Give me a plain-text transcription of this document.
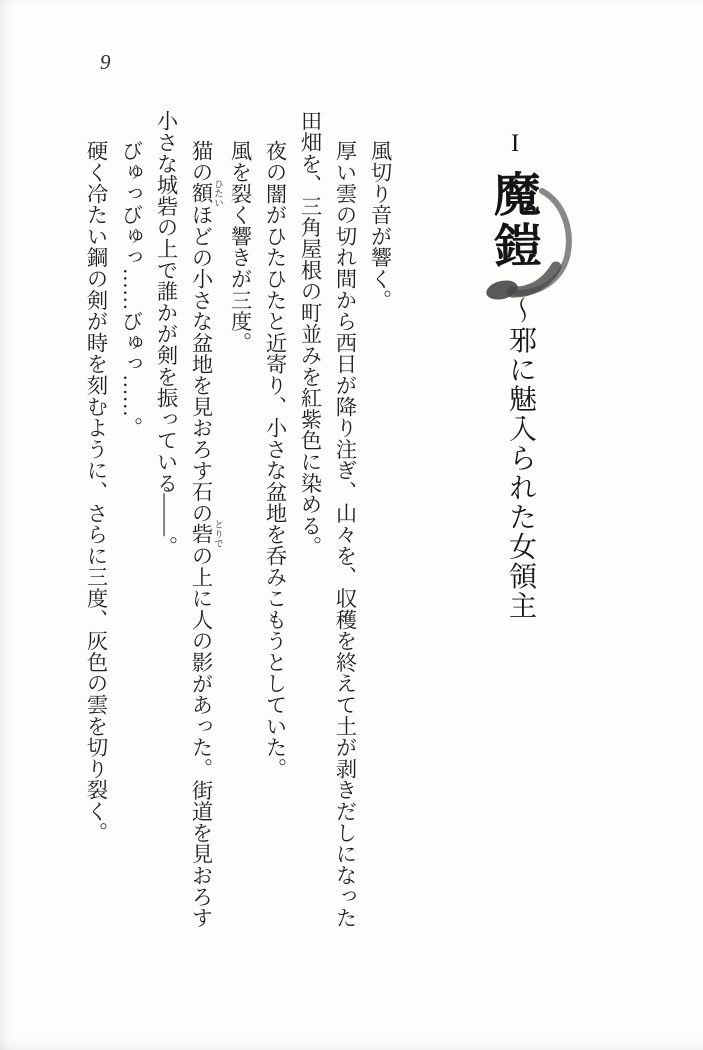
9
I
魔鎧
～邪に魅入られた女領主

風切り音が響く。

厚い雲の切れ間から西日が降り注ぎ、山々を、収穫を終えて土が剥きだしになった田畑を、三角屋根の町並みを紅紫色に染める。

夜の闇がひたひたと近寄り、小さな盆地を呑みこもうとしていた。

風を裂く響きが三度。

猫の額 ひたいほどの小さな盆地を見おろす石の砦 とりでの上に人の影があった。街道を見おろす小さな城砦の上で誰かが剣を振っている――。

びゅっびゅっ……びゅっ……。

硬く冷たい鋼の剣が時を刻むように、さらに三度、灰色の雲を切り裂く。
